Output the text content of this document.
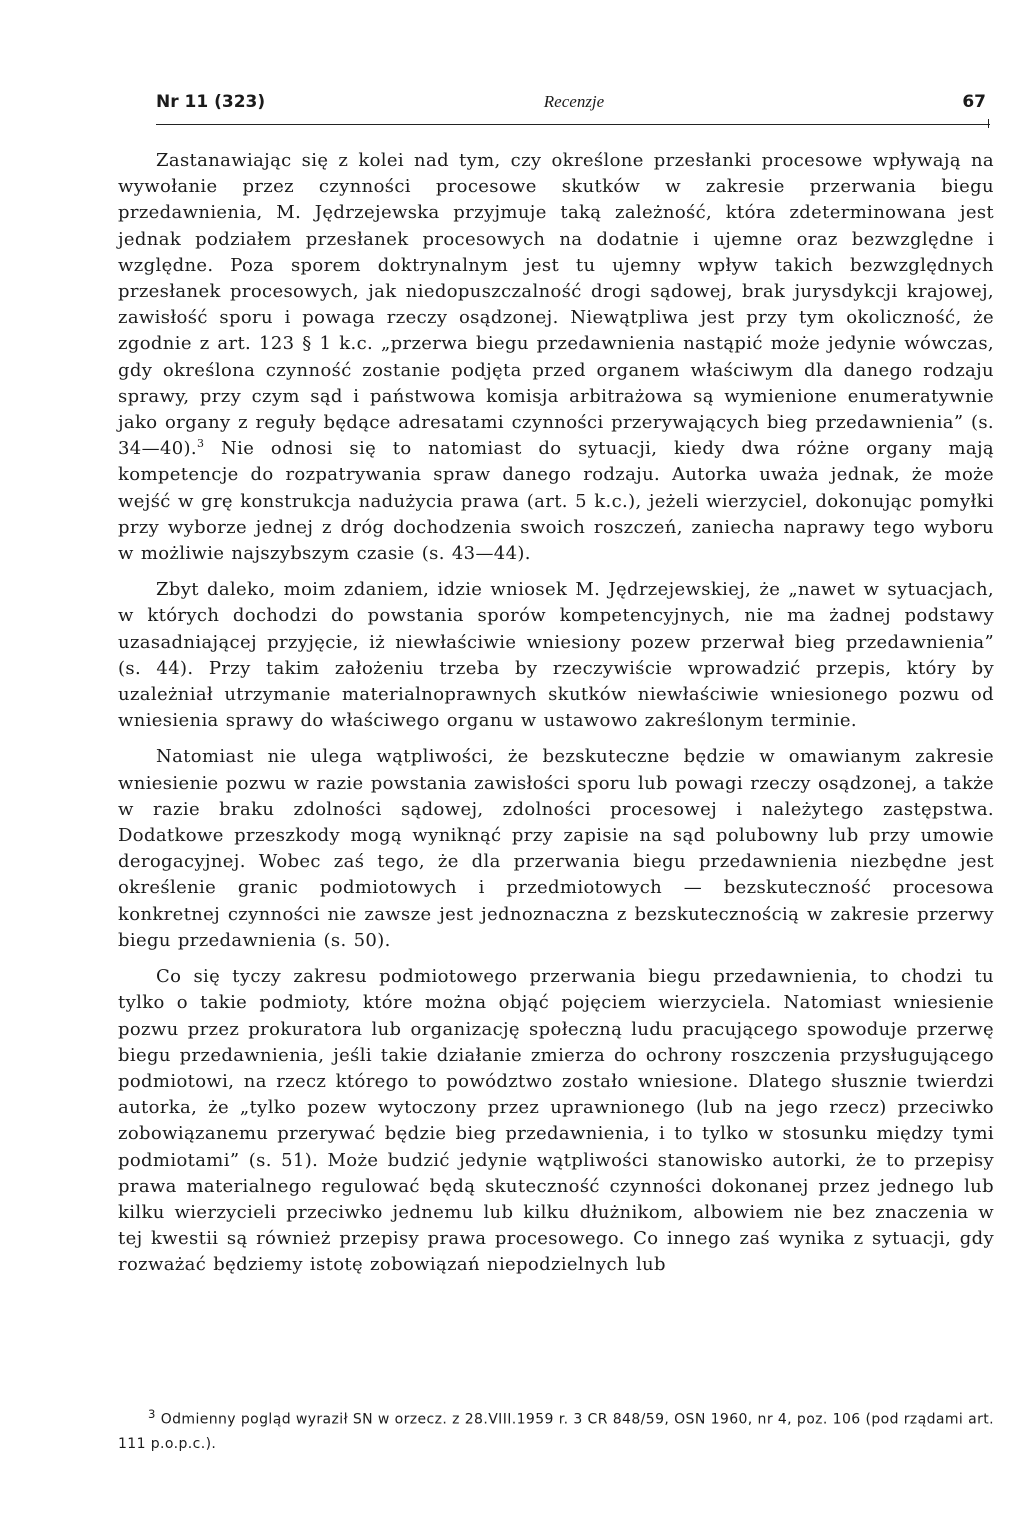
Nr 11 (323)	Recenzje	67

Zastanawiając się z kolei nad tym, czy określone przesłanki procesowe wpływają na wywołanie przez czynności procesowe skutków w zakresie przerwania biegu przedawnienia, M. Jędrzejewska przyjmuje taką zależność, która zdeterminowana jest jednak podziałem przesłanek procesowych na dodatnie i ujemne oraz bezwzględne i względne. Poza sporem doktrynalnym jest tu ujemny wpływ takich bezwzględnych przesłanek procesowych, jak niedopuszczalność drogi sądowej, brak jurysdykcji krajowej, zawisłość sporu i powaga rzeczy osądzonej. Niewątpliwa jest przy tym okoliczność, że zgodnie z art. 123 § 1 k.c. „przerwa biegu przedawnienia nastąpić może jedynie wówczas, gdy określona czynność zostanie podjęta przed organem właściwym dla danego rodzaju sprawy, przy czym sąd i państwowa komisja arbitrażowa są wymienione enumeratywnie jako organy z reguły będące adresatami czynności przerywających bieg przedawnienia” (s. 34—40).$^3$ Nie odnosi się to natomiast do sytuacji, kiedy dwa różne organy mają kompetencje do rozpatrywania spraw danego rodzaju. Autorka uważa jednak, że może wejść w grę konstrukcja nadużycia prawa (art. 5 k.c.), jeżeli wierzyciel, dokonując pomyłki przy wyborze jednej z dróg dochodzenia swoich roszczeń, zaniecha naprawy tego wyboru w możliwie najszybszym czasie (s. 43—44).

Zbyt daleko, moim zdaniem, idzie wniosek M. Jędrzejewskiej, że „nawet w sytuacjach, w których dochodzi do powstania sporów kompetencyjnych, nie ma żadnej podstawy uzasadniającej przyjęcie, iż niewłaściwie wniesiony pozew przerwał bieg przedawnienia” (s. 44). Przy takim założeniu trzeba by rzeczywiście wprowadzić przepis, który by uzależniał utrzymanie materialnoprawnych skutków niewłaściwie wniesionego pozwu od wniesienia sprawy do właściwego organu w ustawowo zakreślonym terminie.

Natomiast nie ulega wątpliwości, że bezskuteczne będzie w omawianym zakresie wniesienie pozwu w razie powstania zawisłości sporu lub powagi rzeczy osądzonej, a także w razie braku zdolności sądowej, zdolności procesowej i należytego zastępstwa. Dodatkowe przeszkody mogą wyniknąć przy zapisie na sąd polubowny lub przy umowie derogacyjnej. Wobec zaś tego, że dla przerwania biegu przedawnienia niezbędne jest określenie granic podmiotowych i przedmiotowych — bezskuteczność procesowa konkretnej czynności nie zawsze jest jednoznaczna z bezskutecznością w zakresie przerwy biegu przedawnienia (s. 50).

Co się tyczy zakresu podmiotowego przerwania biegu przedawnienia, to chodzi tu tylko o takie podmioty, które można objąć pojęciem wierzyciela. Natomiast wniesienie pozwu przez prokuratora lub organizację społeczną ludu pracującego spowoduje przerwę biegu przedawnienia, jeśli takie działanie zmierza do ochrony roszczenia przysługującego podmiotowi, na rzecz którego to powództwo zostało wniesione. Dlatego słusznie twierdzi autorka, że „tylko pozew wytoczony przez uprawnionego (lub na jego rzecz) przeciwko zobowiązanemu przerywać będzie bieg przedawnienia, i to tylko w stosunku między tymi podmiotami” (s. 51). Może budzić jedynie wątpliwości stanowisko autorki, że to przepisy prawa materialnego regulować będą skuteczność czynności dokonanej przez jednego lub kilku wierzycieli przeciwko jednemu lub kilku dłużnikom, albowiem nie bez znaczenia w tej kwestii są również przepisy prawa procesowego. Co innego zaś wynika z sytuacji, gdy rozważać będziemy istotę zobowiązań niepodzielnych lub

$^3$ Odmienny pogląd wyraził SN w orzecz. z 28.VIII.1959 r. 3 CR 848/59, OSN 1960, nr 4, poz. 106 (pod rządami art. 111 p.o.p.c.).
